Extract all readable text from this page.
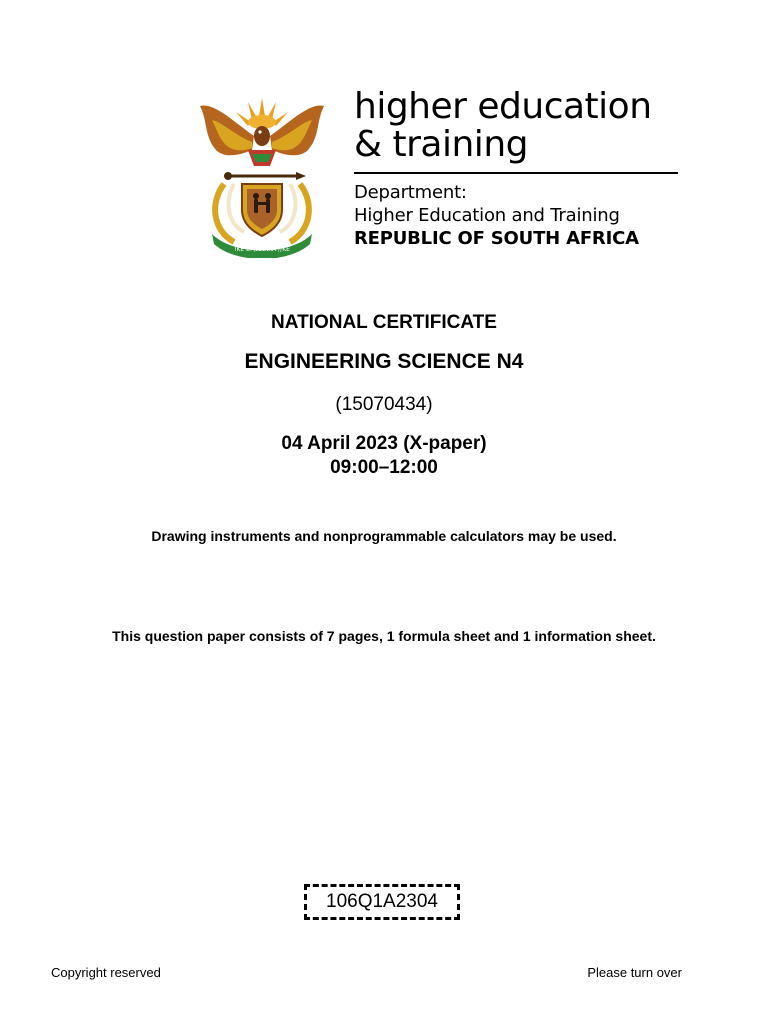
!KE E: /XARRA //KE
higher education
& training
Department:
Higher Education and Training
REPUBLIC OF SOUTH AFRICA
NATIONAL CERTIFICATE
ENGINEERING SCIENCE N4
(15070434)
04 April 2023 (X-paper)
09:00–12:00
Drawing instruments and nonprogrammable calculators may be used.
This question paper consists of 7 pages, 1 formula sheet and 1 information sheet.
106Q1A2304
Copyright reserved	Please turn over
